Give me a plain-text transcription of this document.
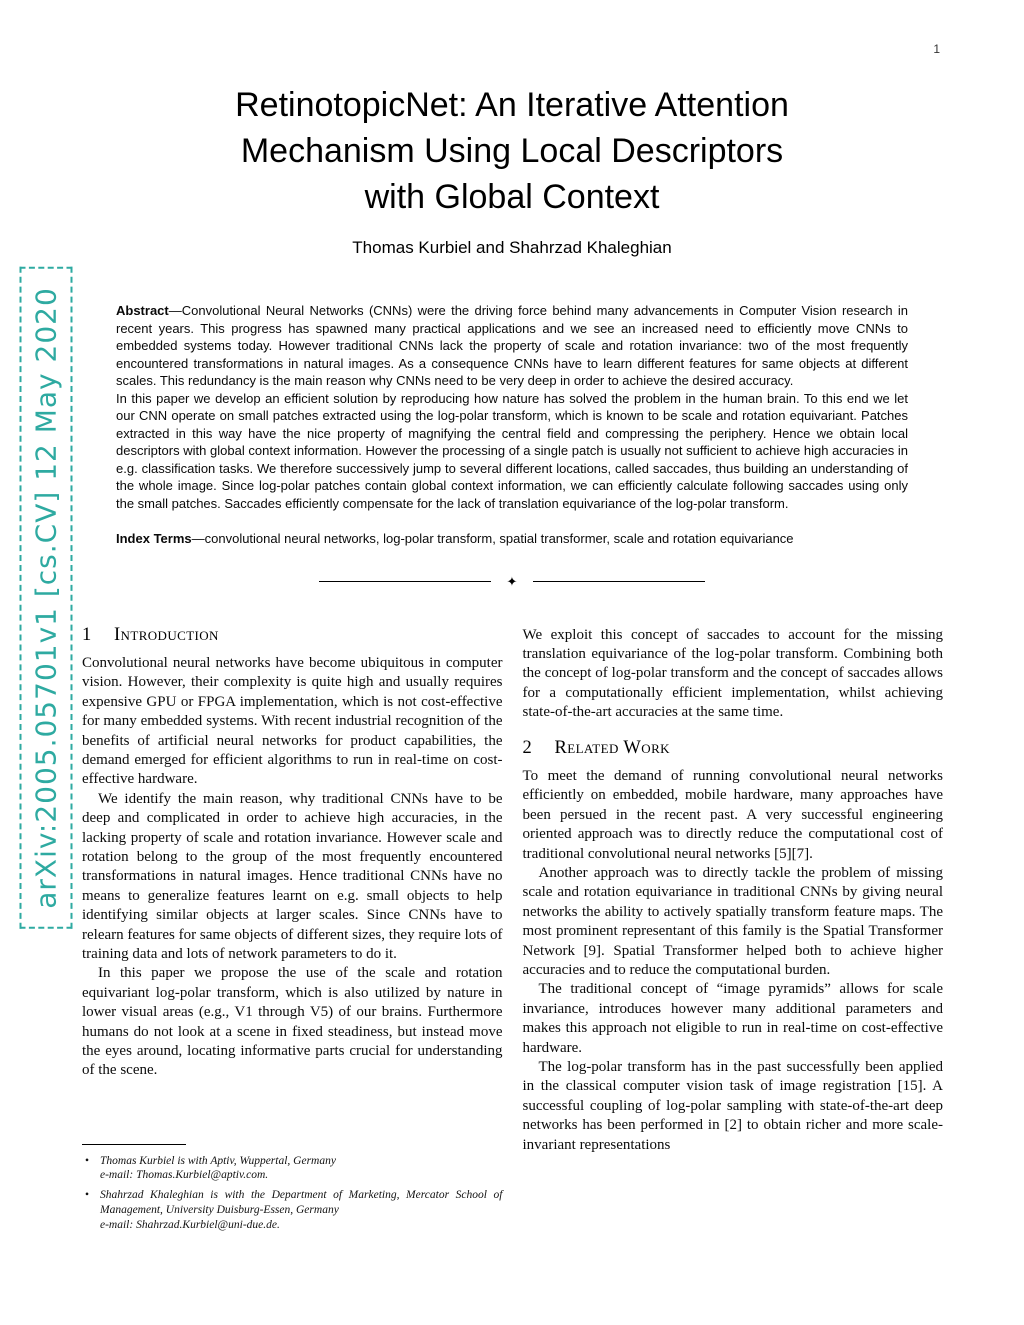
1
arXiv:2005.05701v1 [cs.CV] 12 May 2020
RetinotopicNet: An Iterative Attention
Mechanism Using Local Descriptors
with Global Context
Thomas Kurbiel and Shahrzad Khaleghian

Abstract—Convolutional Neural Networks (CNNs) were the driving force behind many advancements in Computer Vision research in recent years. This progress has spawned many practical applications and we see an increased need to efficiently move CNNs to embedded systems today. However traditional CNNs lack the property of scale and rotation invariance: two of the most frequently encountered transformations in natural images. As a consequence CNNs have to learn different features for same objects at different scales. This redundancy is the main reason why CNNs need to be very deep in order to achieve the desired accuracy.

In this paper we develop an efficient solution by reproducing how nature has solved the problem in the human brain. To this end we let our CNN operate on small patches extracted using the log-polar transform, which is known to be scale and rotation equivariant. Patches extracted in this way have the nice property of magnifying the central field and compressing the periphery. Hence we obtain local descriptors with global context information. However the processing of a single patch is usually not sufficient to achieve high accuracies in e.g. classification tasks. We therefore successively jump to several different locations, called saccades, thus building an understanding of the whole image. Since log-polar patches contain global context information, we can efficiently calculate following saccades using only the small patches. Saccades efficiently compensate for the lack of translation equivariance of the log-polar transform.

Index Terms—convolutional neural networks, log-polar transform, spatial transformer, scale and rotation equivariance

✦
1 Introduction

Convolutional neural networks have become ubiquitous in computer vision. However, their complexity is quite high and usually requires expensive GPU or FPGA implementation, which is not cost-effective for many embedded systems. With recent industrial recognition of the benefits of artificial neural networks for product capabilities, the demand emerged for efficient algorithms to run in real-time on cost-effective hardware.

We identify the main reason, why traditional CNNs have to be deep and complicated in order to achieve high accuracies, in the lacking property of scale and rotation invariance. However scale and rotation belong to the group of the most frequently encountered transformations in natural images. Hence traditional CNNs have no means to generalize features learnt on e.g. small objects to help identifying similar objects at larger scales. Since CNNs have to relearn features for same objects of different sizes, they require lots of training data and lots of network parameters to do it.

In this paper we propose the use of the scale and rotation equivariant log-polar transform, which is also utilized by nature in lower visual areas (e.g., V1 through V5) of our brains. Furthermore humans do not look at a scene in fixed steadiness, but instead move the eyes around, locating informative parts crucial for understanding of the scene.

• Thomas Kurbiel is with Aptiv, Wuppertal, Germany
e-mail: Thomas.Kurbiel@aptiv.com.
• Shahrzad Khaleghian is with the Department of Marketing, Mercator School of Management, University Duisburg-Essen, Germany
e-mail: Shahrzad.Kurbiel@uni-due.de.

We exploit this concept of saccades to account for the missing translation equivariance of the log-polar transform. Combining both the concept of log-polar transform and the concept of saccades allows for a computationally efficient implementation, whilst achieving state-of-the-art accuracies at the same time.

2 Related Work

To meet the demand of running convolutional neural networks efficiently on embedded, mobile hardware, many approaches have been persued in the recent past. A very successful engineering oriented approach was to directly reduce the computational cost of traditional convolutional neural networks [5][7].

Another approach was to directly tackle the problem of missing scale and rotation equivariance in traditional CNNs by giving neural networks the ability to actively spatially transform feature maps. The most prominent representant of this family is the Spatial Transformer Network [9]. Spatial Transformer helped both to achieve higher accuracies and to reduce the computational burden.

The traditional concept of “image pyramids” allows for scale invariance, introduces however many additional parameters and makes this approach not eligible to run in real-time on cost-effective hardware.

The log-polar transform has in the past successfully been applied in the classical computer vision task of image registration [15]. A successful coupling of log-polar sampling with state-of-the-art deep networks has been performed in [2] to obtain richer and more scale-invariant representations
